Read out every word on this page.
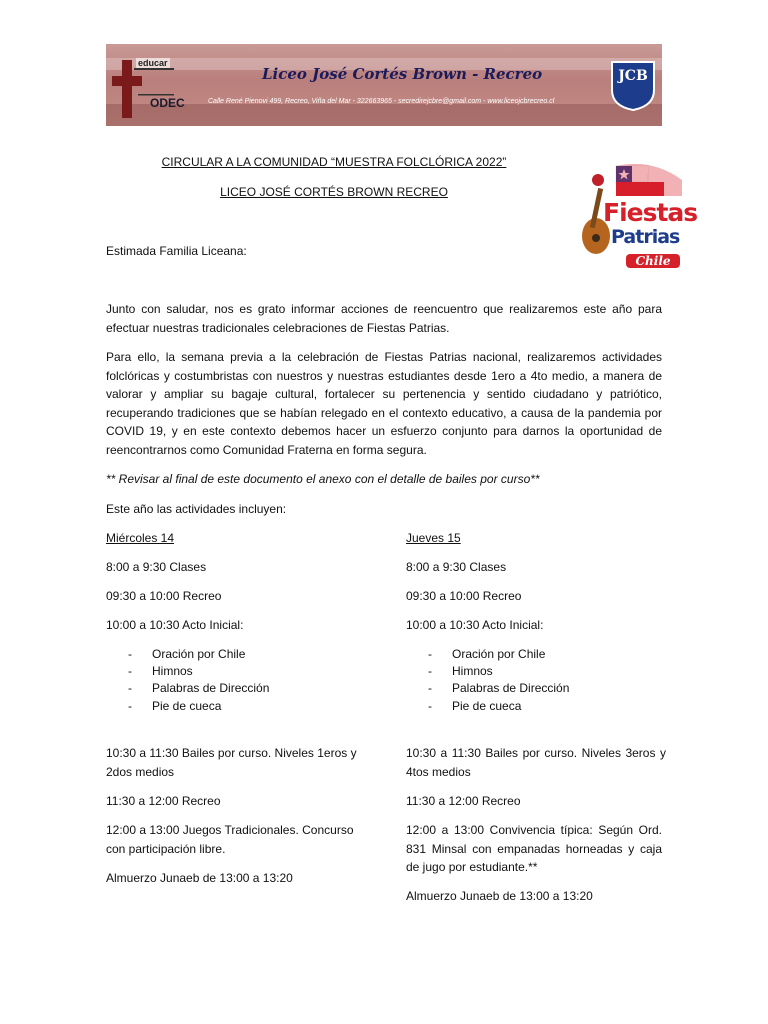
educar
ODEC
Liceo José Cortés Brown - Recreo
Calle René Pienovi 499, Recreo, Viña del Mar - 322663965 - secredirejcbre@gmail.com - www.liceojcbrecreo.cl
JCB
CIRCULAR A LA COMUNIDAD “MUESTRA FOLCLÓRICA 2022”
LICEO JOSÉ CORTÉS BROWN RECREO
Fiestas
Patrias
Chile
Estimada Familia Liceana:
Junto con saludar, nos es grato informar acciones de reencuentro que realizaremos este año para efectuar nuestras tradicionales celebraciones de Fiestas Patrias.
Para ello, la semana previa a la celebración de Fiestas Patrias nacional, realizaremos actividades folclóricas y costumbristas con nuestros y nuestras estudiantes desde 1ero a 4to medio, a manera de valorar y ampliar su bagaje cultural, fortalecer su pertenencia y sentido ciudadano y patriótico, recuperando tradiciones que se habían relegado en el contexto educativo, a causa de la pandemia por COVID 19, y en este contexto debemos hacer un esfuerzo conjunto para darnos la oportunidad de reencontrarnos como Comunidad Fraterna en forma segura.
** Revisar al final de este documento el anexo con el detalle de bailes por curso**
Este año las actividades incluyen:
Miércoles 14
8:00 a 9:30 Clases
09:30 a 10:00 Recreo
10:00 a 10:30 Acto Inicial:
- Oración por Chile
- Himnos
- Palabras de Dirección
- Pie de cueca
10:30 a 11:30 Bailes por curso. Niveles 1eros y 2dos medios
11:30 a 12:00 Recreo
12:00 a 13:00 Juegos Tradicionales. Concurso con participación libre.
Almuerzo Junaeb de 13:00 a 13:20
Jueves 15
8:00 a 9:30 Clases
09:30 a 10:00 Recreo
10:00 a 10:30 Acto Inicial:
- Oración por Chile
- Himnos
- Palabras de Dirección
- Pie de cueca
10:30 a 11:30 Bailes por curso. Niveles 3eros y 4tos medios
11:30 a 12:00 Recreo
12:00 a 13:00 Convivencia típica: Según Ord. 831 Minsal con empanadas horneadas y caja de jugo por estudiante.**
Almuerzo Junaeb de 13:00 a 13:20
